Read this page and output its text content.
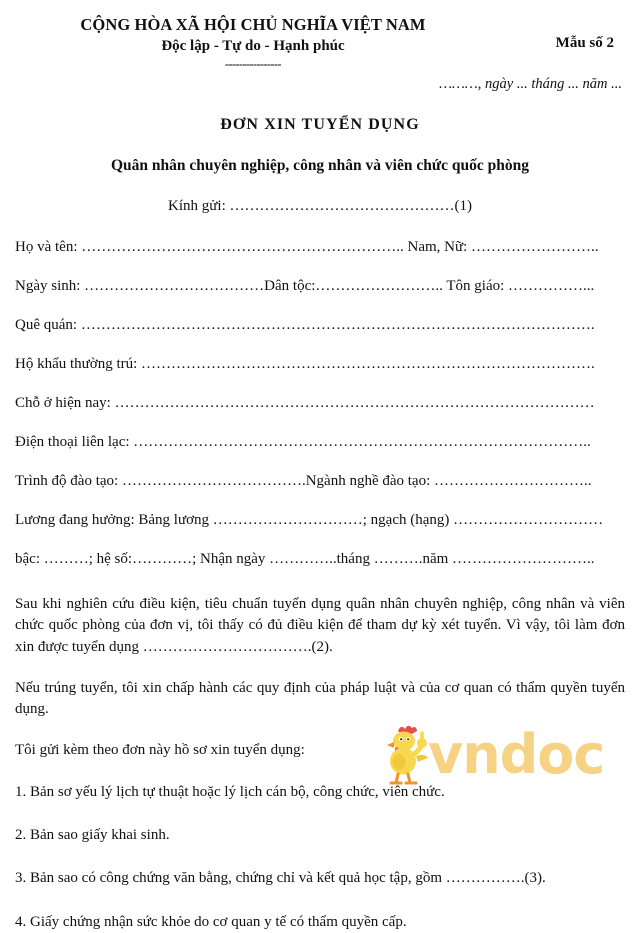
CỘNG HÒA XÃ HỘI CHỦ NGHĨA VIỆT NAM
Độc lập - Tự do - Hạnh phúc
----------------
Mẫu số 2
………, ngày ... tháng ... năm ...
ĐƠN XIN TUYỂN DỤNG
Quân nhân chuyên nghiệp, công nhân và viên chức quốc phòng
Kính gửi: ………………………………………(1)
Họ và tên: ……………………………………………………….. Nam, Nữ: ……………………..
Ngày sinh: ………………………………Dân tộc:…………………….. Tôn giáo: ……………...
Quê quán: ………………………………………………………………………………………….
Hộ khẩu thường trú: ……………………………………………………………………………….
Chỗ ở hiện nay: ……………………………………………………………………………………
Điện thoại liên lạc: ………………………………………………………………………………..
Trình độ đào tạo: ……………………………….Ngành nghề đào tạo: …………………………..
Lương đang hưởng: Bảng lương …………………………; ngạch (hạng) …………………………
bậc: ………; hệ số:…………; Nhận ngày …………..tháng ……….năm ………………………..

Sau khi nghiên cứu điều kiện, tiêu chuẩn tuyển dụng quân nhân chuyên nghiệp, công nhân và viên chức quốc phòng của đơn vị, tôi thấy có đủ điều kiện để tham dự kỳ xét tuyển. Vì vậy, tôi làm đơn xin được tuyển dụng …………………………….(2).

Nếu trúng tuyển, tôi xin chấp hành các quy định của pháp luật và của cơ quan có thẩm quyền tuyển dụng.

Tôi gửi kèm theo đơn này hồ sơ xin tuyển dụng:

1. Bản sơ yếu lý lịch tự thuật hoặc lý lịch cán bộ, công chức, viên chức.

2. Bản sao giấy khai sinh.

3. Bản sao có công chứng văn bằng, chứng chỉ và kết quả học tập, gồm …………….(3).

4. Giấy chứng nhận sức khỏe do cơ quan y tế có thẩm quyền cấp.

vndoc
